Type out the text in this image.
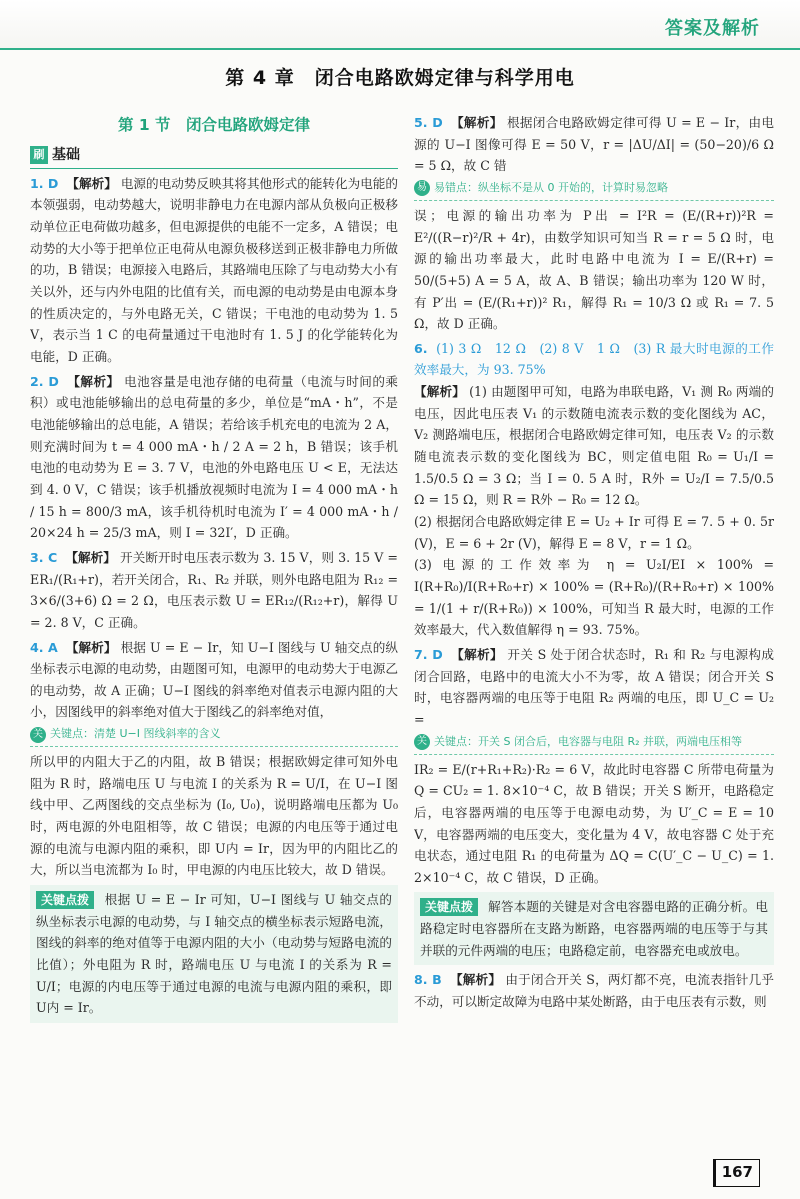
答案及解析
第 4 章　闭合电路欧姆定律与科学用电
第 1 节　闭合电路欧姆定律
刷 基础
1. D 【解析】 电源的电动势反映其将其他形式的能转化为电能的本领强弱，电动势越大，说明非静电力在电源内部从负极向正极移动单位正电荷做功越多，但电源提供的电能不一定多，A 错误；电动势的大小等于把单位正电荷从电源负极移送到正极非静电力所做的功，B 错误；电源接入电路后，其路端电压除了与电动势大小有关以外，还与内外电阻的比值有关，而电源的电动势是由电源本身的性质决定的，与外电路无关，C 错误；干电池的电动势为 1. 5 V，表示当 1 C 的电荷量通过干电池时有 1. 5 J 的化学能转化为电能，D 正确。
2. D 【解析】 电池容量是电池存储的电荷量（电流与时间的乘积）或电池能够输出的总电荷量的多少，单位是“mA・h”，不是电池能够输出的总电能，A 错误；若给该手机充电的电流为 2 A，则充满时间为 t = 4 000 mA・h / 2 A = 2 h，B 错误；该手机电池的电动势为 E = 3. 7 V，电池的外电路电压 U < E，无法达到 4. 0 V，C 错误；该手机播放视频时电流为 I = 4 000 mA・h / 15 h = 800/3 mA，该手机待机时电流为 I′ = 4 000 mA・h / 20×24 h = 25/3 mA，则 I = 32I′，D 正确。
3. C 【解析】 开关断开时电压表示数为 3. 15 V，则 3. 15 V = ER₁/(R₁+r)，若开关闭合，R₁、R₂ 并联，则外电路电阻为 R₁₂ = 3×6/(3+6) Ω = 2 Ω，电压表示数 U = ER₁₂/(R₁₂+r)，解得 U = 2. 8 V，C 正确。
4. A 【解析】 根据 U = E − Ir，知 U−I 图线与 U 轴交点的纵坐标表示电源的电动势，由题图可知，电源甲的电动势大于电源乙的电动势，故 A 正确；U−I 图线的斜率绝对值表示电源内阻的大小，因图线甲的斜率绝对值大于图线乙的斜率绝对值，
关 关键点：清楚 U−I 图线斜率的含义
所以甲的内阻大于乙的内阻，故 B 错误；根据欧姆定律可知外电阻为 R 时，路端电压 U 与电流 I 的关系为 R = U/I，在 U−I 图线中甲、乙两图线的交点坐标为 (I₀, U₀)，说明路端电压都为 U₀ 时，两电源的外电阻相等，故 C 错误；电源的内电压等于通过电源的电流与电源内阻的乘积，即 U内 = Ir，因为甲的内阻比乙的大，所以当电流都为 I₀ 时，甲电源的内电压比较大，故 D 错误。
关键点拨 根据 U = E − Ir 可知，U−I 图线与 U 轴交点的纵坐标表示电源的电动势，与 I 轴交点的横坐标表示短路电流，图线的斜率的绝对值等于电源内阻的大小（电动势与短路电流的比值）；外电阻为 R 时，路端电压 U 与电流 I 的关系为 R = U/I；电源的内电压等于通过电源的电流与电源内阻的乘积，即 U内 = Ir。
5. D 【解析】 根据闭合电路欧姆定律可得 U = E − Ir，由电源的 U−I 图像可得 E = 50 V，r = |ΔU/ΔI| = (50−20)/6 Ω = 5 Ω，故 C 错
易 易错点：纵坐标不是从 0 开始的，计算时易忽略
误；电源的输出功率为 P出 = I²R = (E/(R+r))²R = E²/((R−r)²/R + 4r)，由数学知识可知当 R = r = 5 Ω 时，电源的输出功率最大，此时电路中电流为 I = E/(R+r) = 50/(5+5) A = 5 A，故 A、B 错误；输出功率为 120 W 时，有 P′出 = (E/(R₁+r))² R₁，解得 R₁ = 10/3 Ω 或 R₁ = 7. 5 Ω，故 D 正确。
6. (1) 3 Ω　12 Ω　(2) 8 V　1 Ω　(3) R 最大时电源的工作效率最大，为 93. 75%
【解析】 (1) 由题图甲可知，电路为串联电路，V₁ 测 R₀ 两端的电压，因此电压表 V₁ 的示数随电流表示数的变化图线为 AC，V₂ 测路端电压，根据闭合电路欧姆定律可知，电压表 V₂ 的示数随电流表示数的变化图线为 BC，则定值电阻 R₀ = U₁/I = 1.5/0.5 Ω = 3 Ω；当 I = 0. 5 A 时，R外 = U₂/I = 7.5/0.5 Ω = 15 Ω，则 R = R外 − R₀ = 12 Ω。
(2) 根据闭合电路欧姆定律 E = U₂ + Ir 可得 E = 7. 5 + 0. 5r (V)，E = 6 + 2r (V)，解得 E = 8 V，r = 1 Ω。
(3) 电源的工作效率为 η = U₂I/EI × 100% = I(R+R₀)/I(R+R₀+r) × 100% = (R+R₀)/(R+R₀+r) × 100% = 1/(1 + r/(R+R₀)) × 100%，可知当 R 最大时，电源的工作效率最大，代入数值解得 η = 93. 75%。
7. D 【解析】 开关 S 处于闭合状态时，R₁ 和 R₂ 与电源构成闭合回路，电路中的电流大小不为零，故 A 错误；闭合开关 S 时，电容器两端的电压等于电阻 R₂ 两端的电压，即 U_C = U₂ =
关 关键点：开关 S 闭合后，电容器与电阻 R₂ 并联，两端电压相等
IR₂ = E/(r+R₁+R₂)·R₂ = 6 V，故此时电容器 C 所带电荷量为 Q = CU₂ = 1. 8×10⁻⁴ C，故 B 错误；开关 S 断开，电路稳定后，电容器两端的电压等于电源电动势，为 U′_C = E = 10 V，电容器两端的电压变大，变化量为 4 V，故电容器 C 处于充电状态，通过电阻 R₁ 的电荷量为 ΔQ = C(U′_C − U_C) = 1. 2×10⁻⁴ C，故 C 错误，D 正确。
关键点拨 解答本题的关键是对含电容器电路的正确分析。电路稳定时电容器所在支路为断路，电容器两端的电压等于与其并联的元件两端的电压；电路稳定前，电容器充电或放电。
8. B 【解析】 由于闭合开关 S，两灯都不亮，电流表指针几乎不动，可以断定故障为电路中某处断路，由于电压表有示数，则
167
